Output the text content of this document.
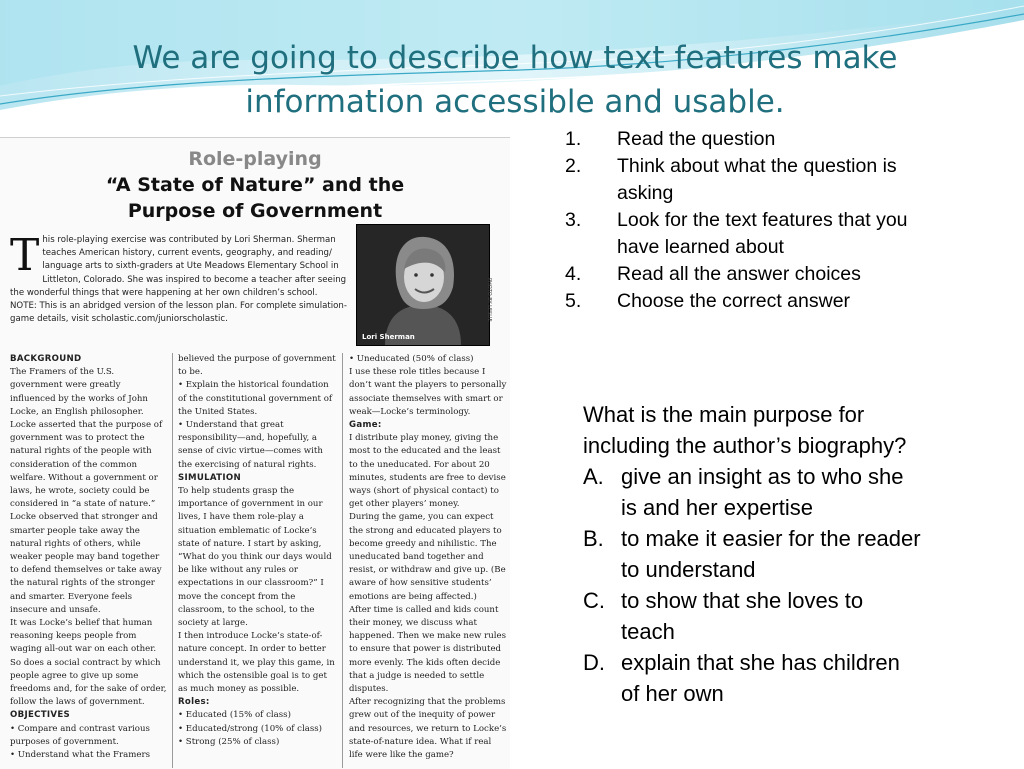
We are going to describe how text features make
information accessible and usable.
Role-playing
“A State of Nature” and the
Purpose of Government
T his role-playing exercise was contributed by Lori Sherman. Sherman teaches American history, current events, geography, and reading/ language arts to sixth-graders at Ute Meadows Elementary School in Littleton, Colorado. She was inspired to become a teacher after seeing the wonderful things that were happening at her own children’s school.

NOTE: This is an abridged version of the lesson plan. For complete simulation-game details, visit scholastic.com/juniorscholastic.

Lori Sherman
PHOTO BY LESLIE
BACKGROUND

The Framers of the U.S. government were greatly influenced by the works of John Locke, an English philosopher. Locke asserted that the purpose of government was to protect the natural rights of the people with consideration of the common welfare. Without a government or laws, he wrote, society could be considered in “a state of nature.”

Locke observed that stronger and smarter people take away the natural rights of others, while weaker people may band together to defend themselves or take away the natural rights of the stronger and smarter. Everyone feels insecure and unsafe.

It was Locke’s belief that human reasoning keeps people from waging all-out war on each other. So does a social contract by which people agree to give up some freedoms and, for the sake of order, follow the laws of government.

OBJECTIVES

• Compare and contrast various purposes of government.

• Understand what the Framers

believed the purpose of government to be.

• Explain the historical foundation of the constitutional government of the United States.

• Understand that great responsibility—and, hopefully, a sense of civic virtue—comes with the exercising of natural rights.

SIMULATION

To help students grasp the importance of government in our lives, I have them role-play a situation emblematic of Locke’s state of nature. I start by asking, “What do you think our days would be like without any rules or expectations in our classroom?” I move the concept from the classroom, to the school, to the society at large.

I then introduce Locke’s state-of-nature concept. In order to better understand it, we play this game, in which the ostensible goal is to get as much money as possible.

Roles:

• Educated (15% of class)

• Educated/strong (10% of class)

• Strong (25% of class)

• Uneducated (50% of class)

I use these role titles because I don’t want the players to personally associate themselves with smart or weak—Locke’s terminology.

Game:

I distribute play money, giving the most to the educated and the least to the uneducated. For about 20 minutes, students are free to devise ways (short of physical contact) to get other players’ money.

During the game, you can expect the strong and educated players to become greedy and nihilistic. The uneducated band together and resist, or withdraw and give up. (Be aware of how sensitive students’ emotions are being affected.)

After time is called and kids count their money, we discuss what happened. Then we make new rules to ensure that power is distributed more evenly. The kids often decide that a judge is needed to settle disputes.

After recognizing that the problems grew out of the inequity of power and resources, we return to Locke’s state-of-nature idea. What if real life were like the game?

1. Read the question
2. Think about what the question is asking
3. Look for the text features that you have learned about
4. Read all the answer choices
5. Choose the correct answer

What is the main purpose for
including the author’s biography?

A. give an insight as to who she
is and her expertise
B. to make it easier for the reader
to understand
C. to show that she loves to
teach
D. explain that she has children
of her own
